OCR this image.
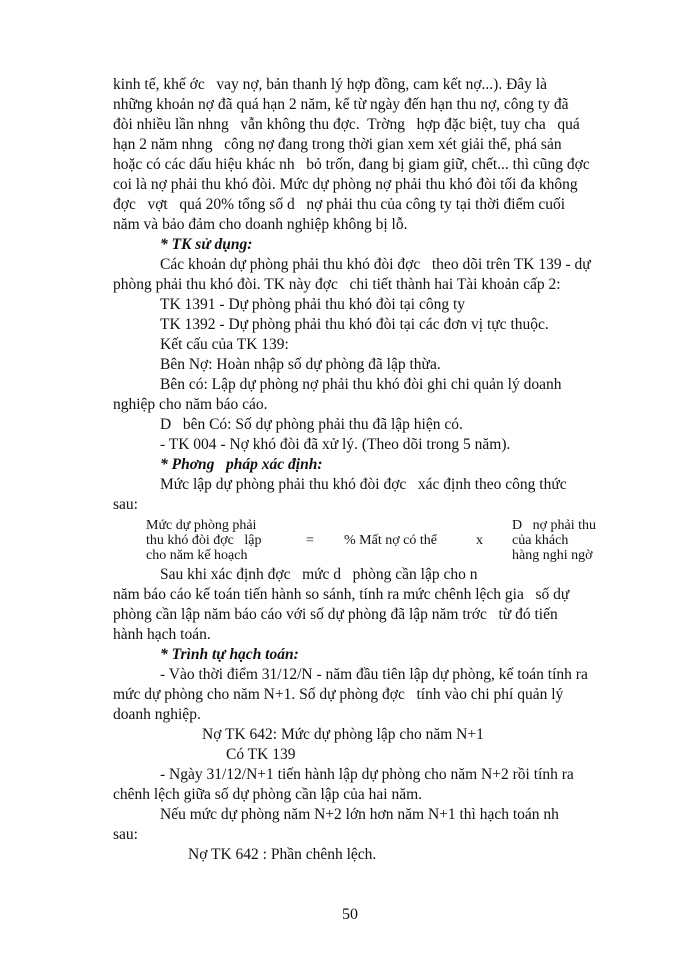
kinh tế, khế ớc   vay nợ, bản thanh lý hợp đồng, cam kết nợ...). Đây là
những khoản nợ đã quá hạn 2 năm, kể từ ngày đến hạn thu nợ, công ty đã
đòi nhiều lần nhng   vẫn không thu đợc.  Trờng   hợp đặc biệt, tuy cha   quá
hạn 2 năm nhng   công nợ đang trong thời gian xem xét giải thể, phá sản
hoặc có các dấu hiệu khác nh   bỏ trốn, đang bị giam giữ, chết... thì cũng đợc
coi là nợ phải thu khó đòi. Mức dự phòng nợ phải thu khó đòi tối đa không
đợc   vợt   quá 20% tổng số d   nợ phải thu của công ty tại thời điểm cuối
năm và bảo đảm cho doanh nghiệp không bị lỗ.
* TK sử dụng:
Các khoản dự phòng phải thu khó đòi đợc   theo dõi trên TK 139 - dự
phòng phải thu khó đòi. TK này đợc   chi tiết thành hai Tài khoản cấp 2:
TK 1391 - Dự phòng phải thu khó đòi tại công ty
TK 1392 - Dự phòng phải thu khó đòi tại các đơn vị tực thuộc.
Kết cấu của TK 139:
Bên Nợ: Hoàn nhập số dự phòng đã lập thừa.
Bên có: Lập dự phòng nợ phải thu khó đòi ghi chi quản lý doanh
nghiệp cho năm báo cáo.
D   bên Có: Số dự phòng phải thu đã lập hiện có.
- TK 004 - Nợ khó đòi đã xử lý. (Theo dõi trong 5 năm).
* Phơng   pháp xác định:
Mức lập dự phòng phải thu khó đòi đợc   xác định theo công thức
sau:
Mức dự phòng phải
thu khó đòi đợc   lập
cho năm kế hoạch
= % Mất nợ có thể	x
D   nợ phải thu
của khách
hàng nghi ngờ
Sau khi xác định đợc   mức d   phòng cần lập cho n
năm báo cáo kế toán tiến hành so sánh, tính ra mức chênh lệch gia   số dự
phòng cần lập năm báo cáo với số dự phòng đã lập năm trớc   từ đó tiến
hành hạch toán.
* Trình tự hạch toán:
- Vào thời điểm 31/12/N - năm đầu tiên lập dự phòng, kế toán tính ra
mức dự phòng cho năm N+1. Số dự phòng đợc   tính vào chi phí quản lý
doanh nghiệp.
Nợ TK 642: Mức dự phòng lập cho năm N+1
Có TK 139
- Ngày 31/12/N+1 tiến hành lập dự phòng cho năm N+2 rồi tính ra
chênh lệch giữa số dự phòng cần lập của hai năm.
Nếu mức dự phòng năm N+2 lớn hơn năm N+1 thì hạch toán nh
sau:
Nợ TK 642 : Phần chênh lệch.
50
